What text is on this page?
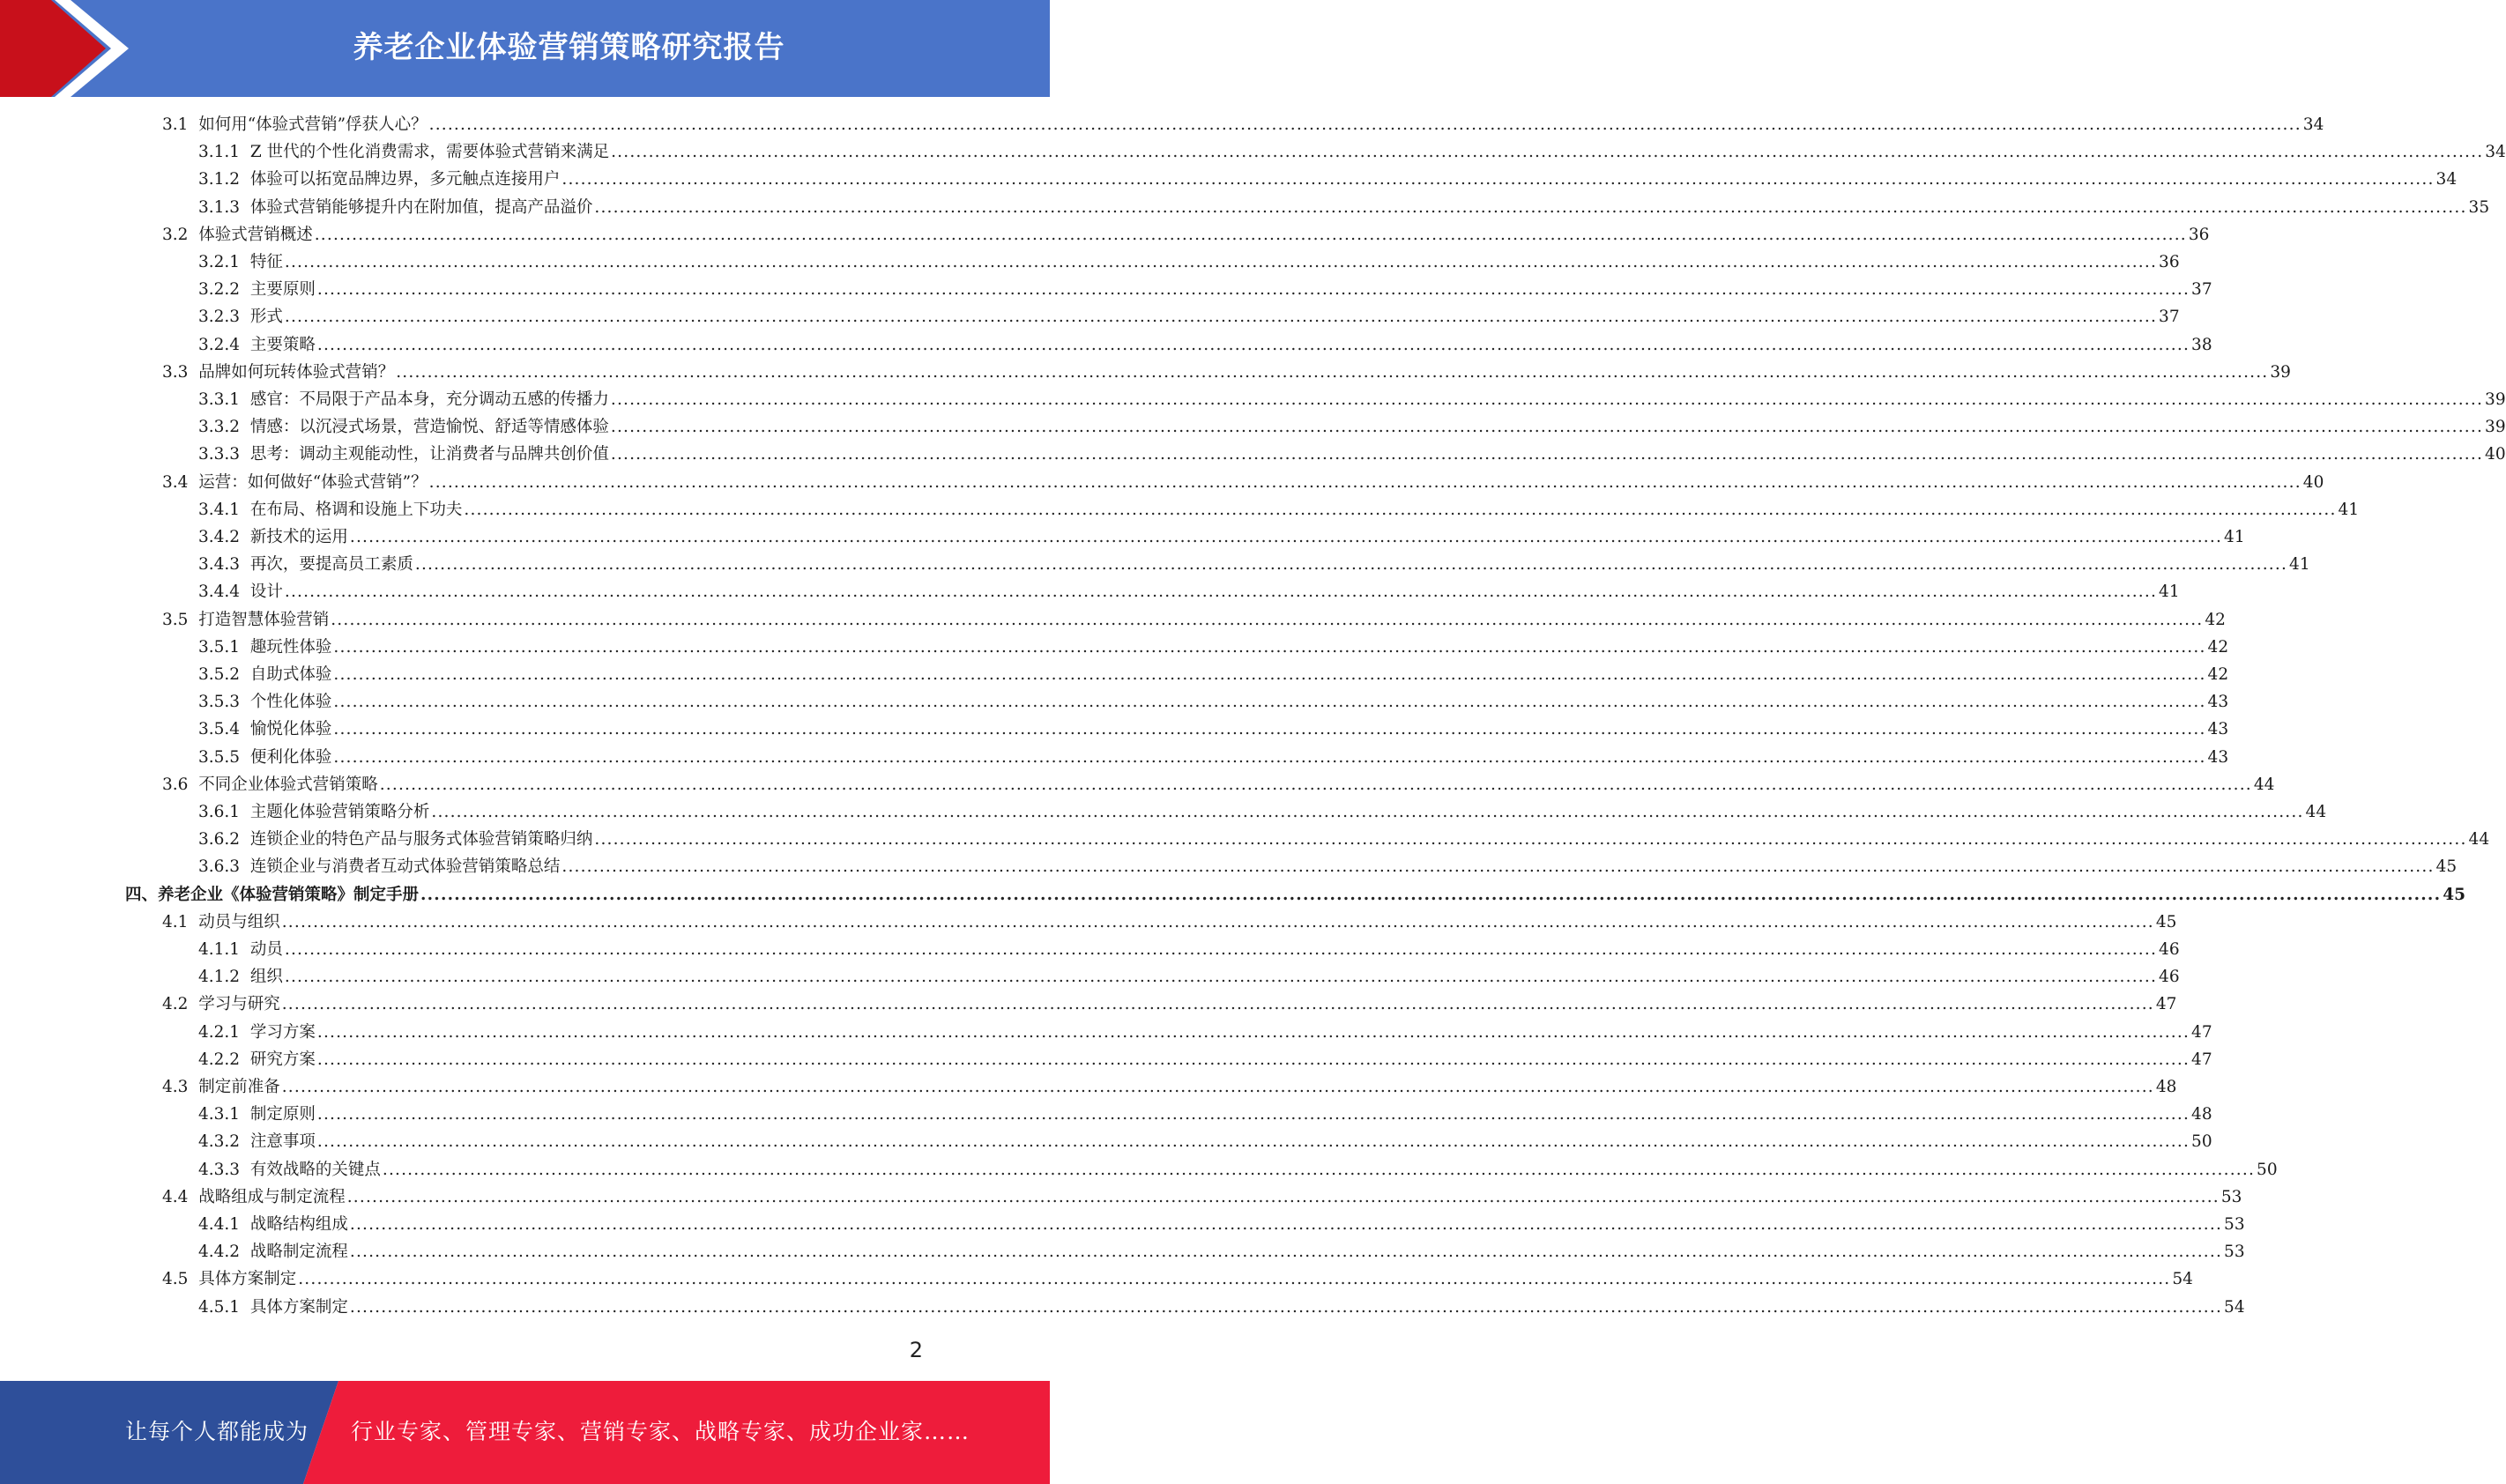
养老企业体验营销策略研究报告
3.1
如何用“体验式营销”俘获人心？ ............................................................................................................................................................................................................................................................................................................ 34
3.1.1
Z 世代的个性化消费需求，需要体验式营销来满足 ............................................................................................................................................................................................................................................................................................................ 34
3.1.2
体验可以拓宽品牌边界，多元触点连接用户 ............................................................................................................................................................................................................................................................................................................ 34
3.1.3
体验式营销能够提升内在附加值，提高产品溢价 ............................................................................................................................................................................................................................................................................................................ 35
3.2
体验式营销概述 ............................................................................................................................................................................................................................................................................................................ 36
3.2.1
特征 ............................................................................................................................................................................................................................................................................................................ 36
3.2.2
主要原则 ............................................................................................................................................................................................................................................................................................................ 37
3.2.3
形式 ............................................................................................................................................................................................................................................................................................................ 37
3.2.4
主要策略 ............................................................................................................................................................................................................................................................................................................ 38
3.3
品牌如何玩转体验式营销？ ............................................................................................................................................................................................................................................................................................................ 39
3.3.1
感官：不局限于产品本身，充分调动五感的传播力 ............................................................................................................................................................................................................................................................................................................ 39
3.3.2
情感：以沉浸式场景，营造愉悦、舒适等情感体验 ............................................................................................................................................................................................................................................................................................................ 39
3.3.3
思考：调动主观能动性，让消费者与品牌共创价值 ............................................................................................................................................................................................................................................................................................................ 40
3.4
运营：如何做好“体验式营销”？ ............................................................................................................................................................................................................................................................................................................ 40
3.4.1
在布局、格调和设施上下功夫 ............................................................................................................................................................................................................................................................................................................ 41
3.4.2
新技术的运用 ............................................................................................................................................................................................................................................................................................................ 41
3.4.3
再次，要提高员工素质 ............................................................................................................................................................................................................................................................................................................ 41
3.4.4
设计 ............................................................................................................................................................................................................................................................................................................ 41
3.5
打造智慧体验营销 ............................................................................................................................................................................................................................................................................................................ 42
3.5.1
趣玩性体验 ............................................................................................................................................................................................................................................................................................................ 42
3.5.2
自助式体验 ............................................................................................................................................................................................................................................................................................................ 42
3.5.3
个性化体验 ............................................................................................................................................................................................................................................................................................................ 43
3.5.4
愉悦化体验 ............................................................................................................................................................................................................................................................................................................ 43
3.5.5
便利化体验 ............................................................................................................................................................................................................................................................................................................ 43
3.6
不同企业体验式营销策略 ............................................................................................................................................................................................................................................................................................................ 44
3.6.1
主题化体验营销策略分析 ............................................................................................................................................................................................................................................................................................................ 44
3.6.2
连锁企业的特色产品与服务式体验营销策略归纳 ............................................................................................................................................................................................................................................................................................................ 44
3.6.3
连锁企业与消费者互动式体验营销策略总结 ............................................................................................................................................................................................................................................................................................................ 45
四、养老企业《体验营销策略》制定手册 ............................................................................................................................................................................................................................................................................................................ 45
4.1
动员与组织 ............................................................................................................................................................................................................................................................................................................ 45
4.1.1
动员 ............................................................................................................................................................................................................................................................................................................ 46
4.1.2
组织 ............................................................................................................................................................................................................................................................................................................ 46
4.2
学习与研究 ............................................................................................................................................................................................................................................................................................................ 47
4.2.1
学习方案 ............................................................................................................................................................................................................................................................................................................ 47
4.2.2
研究方案 ............................................................................................................................................................................................................................................................................................................ 47
4.3
制定前准备 ............................................................................................................................................................................................................................................................................................................ 48
4.3.1
制定原则 ............................................................................................................................................................................................................................................................................................................ 48
4.3.2
注意事项 ............................................................................................................................................................................................................................................................................................................ 50
4.3.3
有效战略的关键点 ............................................................................................................................................................................................................................................................................................................ 50
4.4
战略组成与制定流程 ............................................................................................................................................................................................................................................................................................................ 53
4.4.1
战略结构组成 ............................................................................................................................................................................................................................................................................................................ 53
4.4.2
战略制定流程 ............................................................................................................................................................................................................................................................................................................ 53
4.5
具体方案制定 ............................................................................................................................................................................................................................................................................................................ 54
4.5.1
具体方案制定 ............................................................................................................................................................................................................................................................................................................ 54
2
让每个人都能成为 行业专家、管理专家、营销专家、战略专家、成功企业家……
